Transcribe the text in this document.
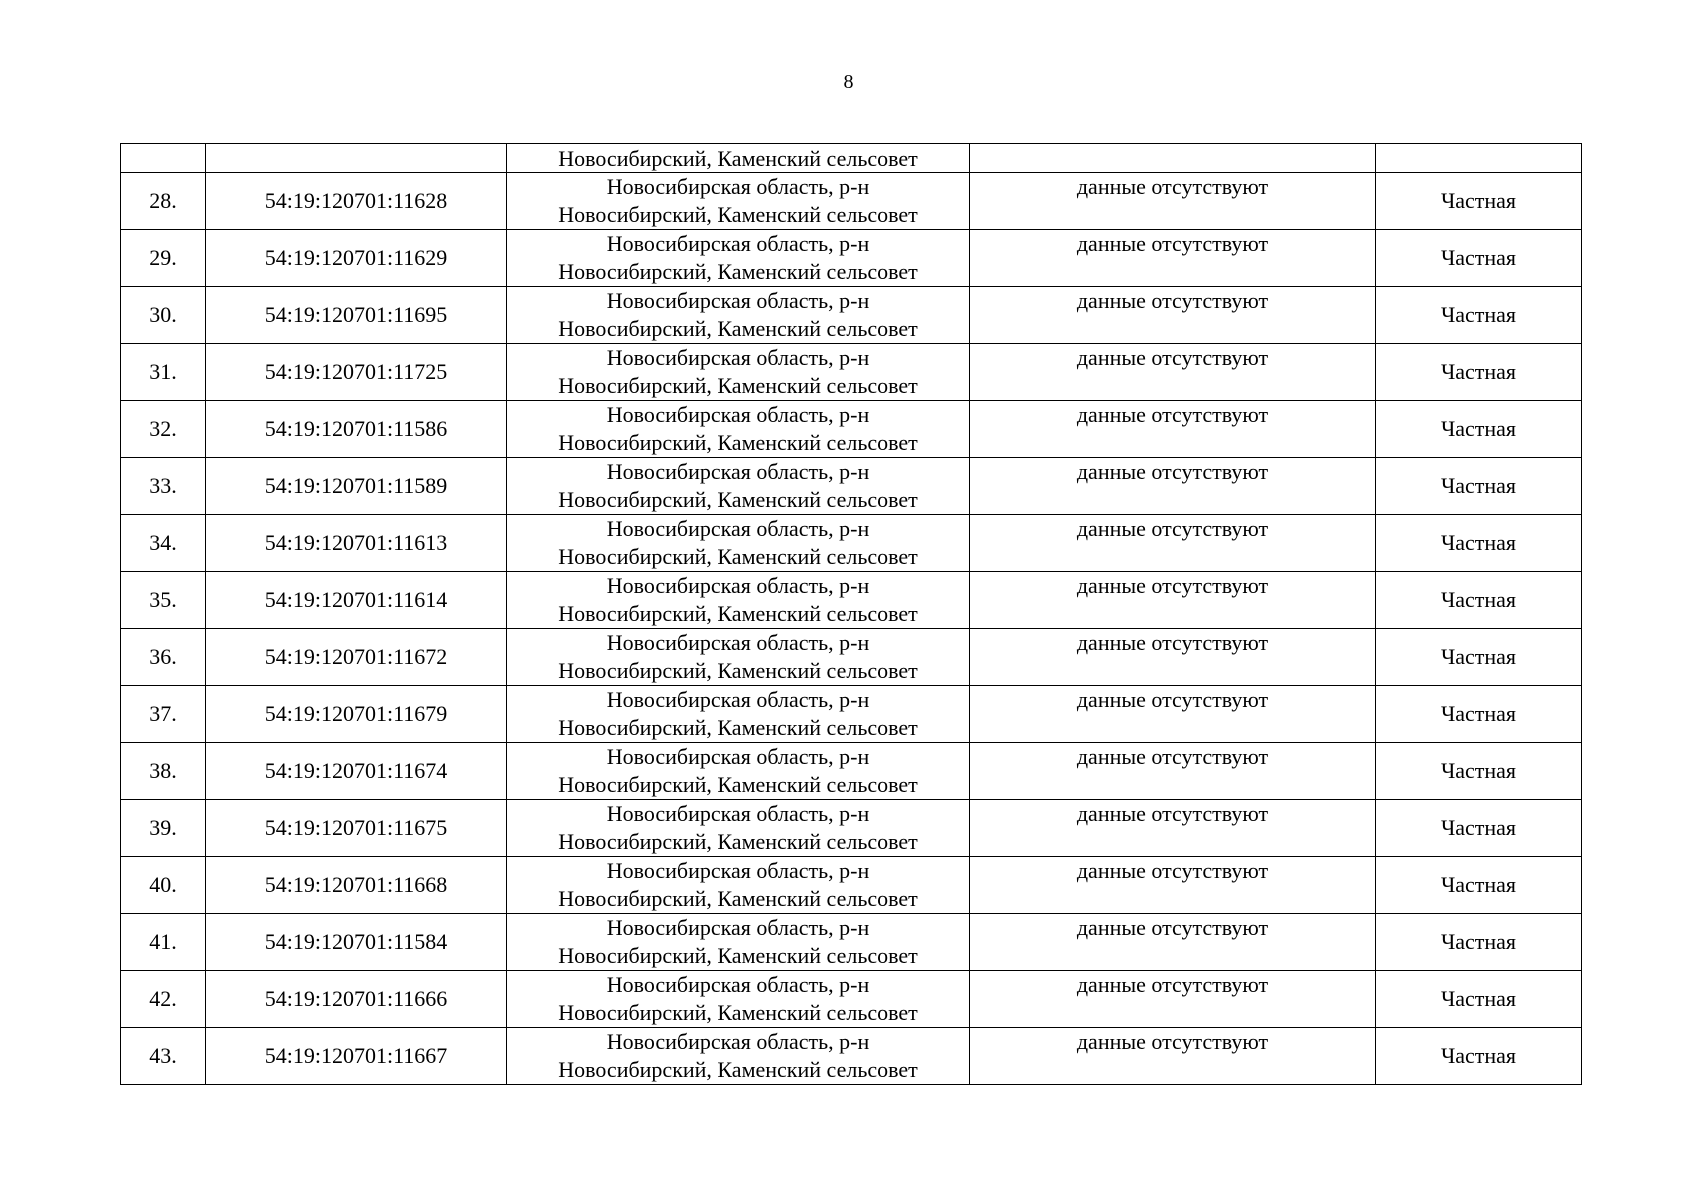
8

		Новосибирский, Каменский сельсовет		

28.	54:19:120701:11628	Новосибирская область, р-н
Новосибирский, Каменский сельсовет	данные отсутствуют	Частная
29.	54:19:120701:11629	Новосибирская область, р-н
Новосибирский, Каменский сельсовет	данные отсутствуют	Частная
30.	54:19:120701:11695	Новосибирская область, р-н
Новосибирский, Каменский сельсовет	данные отсутствуют	Частная
31.	54:19:120701:11725	Новосибирская область, р-н
Новосибирский, Каменский сельсовет	данные отсутствуют	Частная
32.	54:19:120701:11586	Новосибирская область, р-н
Новосибирский, Каменский сельсовет	данные отсутствуют	Частная
33.	54:19:120701:11589	Новосибирская область, р-н
Новосибирский, Каменский сельсовет	данные отсутствуют	Частная
34.	54:19:120701:11613	Новосибирская область, р-н
Новосибирский, Каменский сельсовет	данные отсутствуют	Частная
35.	54:19:120701:11614	Новосибирская область, р-н
Новосибирский, Каменский сельсовет	данные отсутствуют	Частная
36.	54:19:120701:11672	Новосибирская область, р-н
Новосибирский, Каменский сельсовет	данные отсутствуют	Частная
37.	54:19:120701:11679	Новосибирская область, р-н
Новосибирский, Каменский сельсовет	данные отсутствуют	Частная
38.	54:19:120701:11674	Новосибирская область, р-н
Новосибирский, Каменский сельсовет	данные отсутствуют	Частная
39.	54:19:120701:11675	Новосибирская область, р-н
Новосибирский, Каменский сельсовет	данные отсутствуют	Частная
40.	54:19:120701:11668	Новосибирская область, р-н
Новосибирский, Каменский сельсовет	данные отсутствуют	Частная
41.	54:19:120701:11584	Новосибирская область, р-н
Новосибирский, Каменский сельсовет	данные отсутствуют	Частная
42.	54:19:120701:11666	Новосибирская область, р-н
Новосибирский, Каменский сельсовет	данные отсутствуют	Частная
43.	54:19:120701:11667	Новосибирская область, р-н
Новосибирский, Каменский сельсовет	данные отсутствуют	Частная
